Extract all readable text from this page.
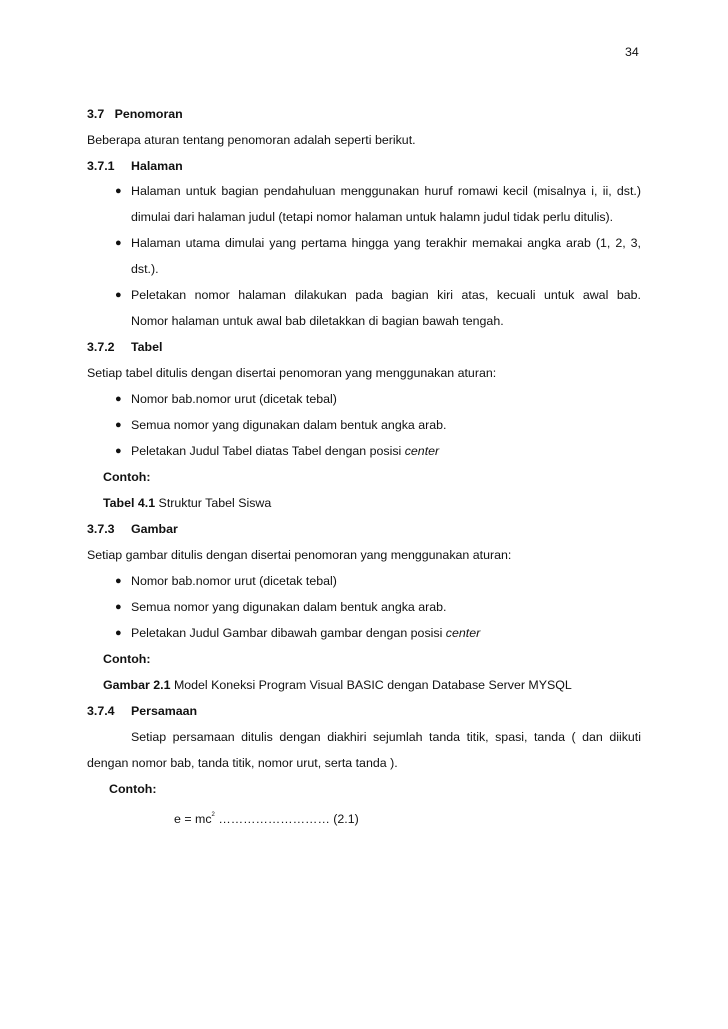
34
3.7 Penomoran
Beberapa aturan tentang penomoran adalah seperti berikut.
3.7.1 Halaman
● Halaman untuk bagian pendahuluan menggunakan huruf romawi kecil (misalnya i, ii, dst.)
dimulai dari halaman judul (tetapi nomor halaman untuk halamn judul tidak perlu ditulis).
● Halaman utama dimulai yang pertama hingga yang terakhir memakai angka arab (1, 2, 3,
dst.).
● Peletakan nomor halaman dilakukan pada bagian kiri atas, kecuali untuk awal bab.
Nomor halaman untuk awal bab diletakkan di bagian bawah tengah.
3.7.2 Tabel
Setiap tabel ditulis dengan disertai penomoran yang menggunakan aturan:
● Nomor bab.nomor urut (dicetak tebal)
● Semua nomor yang digunakan dalam bentuk angka arab.
● Peletakan Judul Tabel diatas Tabel dengan posisi center
Contoh:
Tabel 4.1 Struktur Tabel Siswa
3.7.3 Gambar
Setiap gambar ditulis dengan disertai penomoran yang menggunakan aturan:
● Nomor bab.nomor urut (dicetak tebal)
● Semua nomor yang digunakan dalam bentuk angka arab.
● Peletakan Judul Gambar dibawah gambar dengan posisi center
Contoh:
Gambar 2.1 Model Koneksi Program Visual BASIC dengan Database Server MYSQL
3.7.4 Persamaan
Setiap persamaan ditulis dengan diakhiri sejumlah tanda titik, spasi, tanda ( dan diikuti
dengan nomor bab, tanda titik, nomor urut, serta tanda ).
Contoh:
$e = mc^2$ ……………………… (2.1)
